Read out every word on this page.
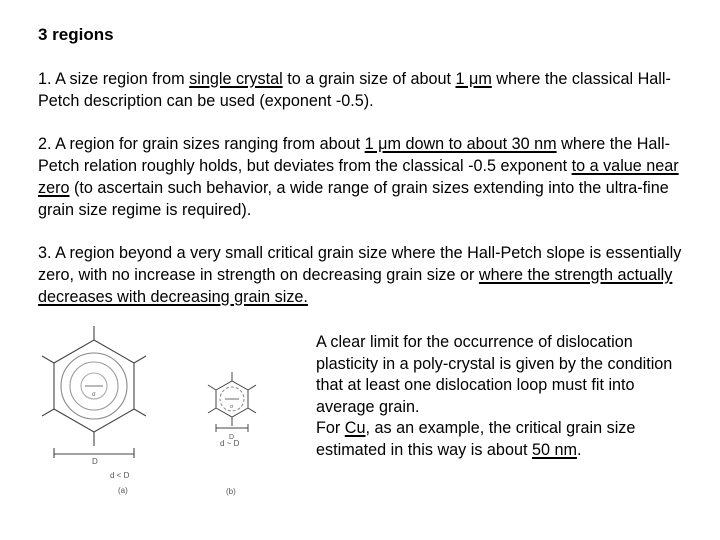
3 regions

1. A size region from single crystal to a grain size of about 1 μm where the classical Hall-Petch description can be used (exponent -0.5).

2. A region for grain sizes ranging from about 1 μm down to about 30 nm where the Hall-Petch relation roughly holds, but deviates from the classical -0.5 exponent to a value near zero (to ascertain such behavior, a wide range of grain sizes extending into the ultra-fine grain size regime is required).

3. A region beyond a very small critical grain size where the Hall-Petch slope is essentially zero, with no increase in strength on decreasing grain size or where the strength actually decreases with decreasing grain size.

σ
D
d < D
(a)
σ
D
d ~ D
(b)

A clear limit for the occurrence of dislocation plasticity in a poly-crystal is given by the condition that at least one dislocation loop must fit into average grain.
For Cu, as an example, the critical grain size estimated in this way is about 50 nm.
